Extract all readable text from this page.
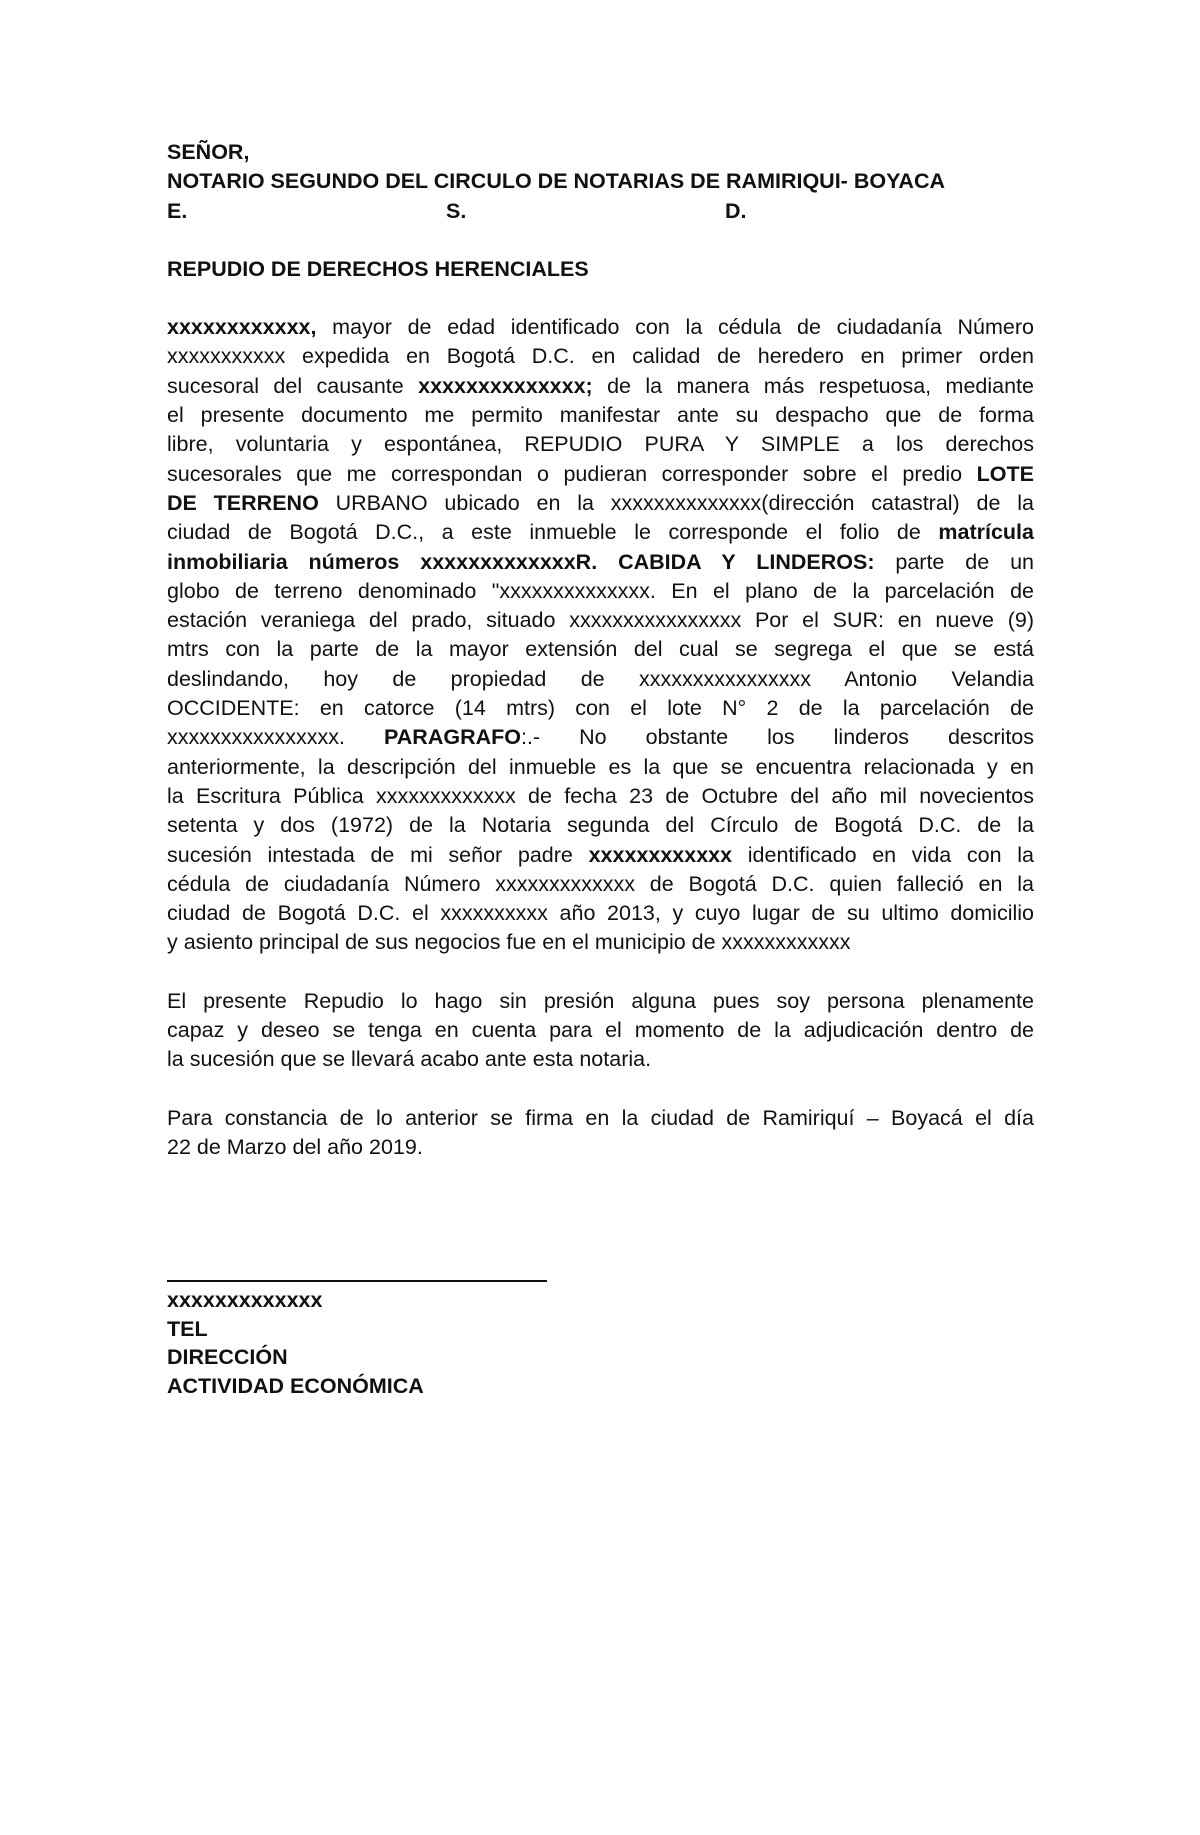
SEÑOR,
NOTARIO SEGUNDO DEL CIRCULO DE NOTARIAS DE RAMIRIQUI- BOYACA
E.	S.	D.
REPUDIO DE DERECHOS HERENCIALES
xxxxxxxxxxxx, mayor de edad identificado con la cédula de ciudadanía Número
xxxxxxxxxxx expedida en Bogotá D.C. en calidad de heredero en primer orden
sucesoral del causante xxxxxxxxxxxxxx; de la manera más respetuosa, mediante
el presente documento me permito manifestar ante su despacho que de forma
libre, voluntaria y espontánea, REPUDIO PURA Y SIMPLE a los derechos
sucesorales que me correspondan o pudieran corresponder sobre el predio LOTE
DE TERRENO URBANO ubicado en la xxxxxxxxxxxxxx(dirección catastral) de la
ciudad de Bogotá D.C., a este inmueble le corresponde el folio de matrícula
inmobiliaria números xxxxxxxxxxxxxR. CABIDA Y LINDEROS: parte de un
globo de terreno denominado "xxxxxxxxxxxxxx. En el plano de la parcelación de
estación veraniega del prado, situado xxxxxxxxxxxxxxxx Por el SUR: en nueve (9)
mtrs con la parte de la mayor extensión del cual se segrega el que se está
deslindando, hoy de propiedad de xxxxxxxxxxxxxxxx Antonio Velandia
OCCIDENTE: en catorce (14 mtrs) con el lote N° 2 de la parcelación de
xxxxxxxxxxxxxxxx. PARAGRAFO:.- No obstante los linderos descritos
anteriormente, la descripción del inmueble es la que se encuentra relacionada y en
la Escritura Pública xxxxxxxxxxxxx de fecha 23 de Octubre del año mil novecientos
setenta y dos (1972) de la Notaria segunda del Círculo de Bogotá D.C. de la
sucesión intestada de mi señor padre xxxxxxxxxxxx identificado en vida con la
cédula de ciudadanía Número xxxxxxxxxxxxx de Bogotá D.C. quien falleció en la
ciudad de Bogotá D.C. el xxxxxxxxxx año 2013, y cuyo lugar de su ultimo domicilio
y asiento principal de sus negocios fue en el municipio de xxxxxxxxxxxx
El presente Repudio lo hago sin presión alguna pues soy persona plenamente
capaz y deseo se tenga en cuenta para el momento de la adjudicación dentro de
la sucesión que se llevará acabo ante esta notaria.
Para constancia de lo anterior se firma en la ciudad de Ramiriquí – Boyacá el día
22 de Marzo del año 2019.
xxxxxxxxxxxxx
TEL
DIRECCIÓN
ACTIVIDAD ECONÓMICA
